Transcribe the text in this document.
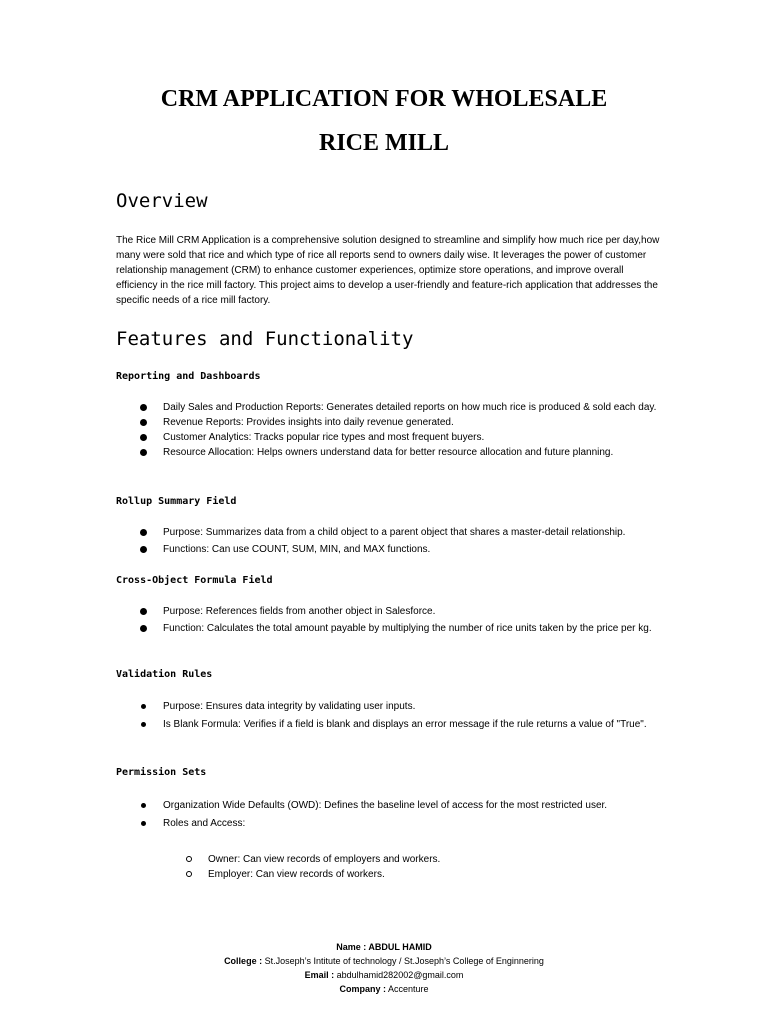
CRM APPLICATION FOR WHOLESALE
RICE MILL
Overview

The Rice Mill CRM Application is a comprehensive solution designed to streamline and simplify how much rice per day,how many were sold that rice and which type of rice all reports send to owners daily wise. It leverages the power of customer relationship management (CRM) to enhance customer experiences, optimize store operations, and improve overall efficiency in the rice mill factory. This project aims to develop a user-friendly and feature-rich application that addresses the specific needs of a rice mill factory.

Features and Functionality
Reporting and Dashboards
Daily Sales and Production Reports: Generates detailed reports on how much rice is produced & sold each day.
Revenue Reports: Provides insights into daily revenue generated.
Customer Analytics: Tracks popular rice types and most frequent buyers.
Resource Allocation: Helps owners understand data for better resource allocation and future planning.
Rollup Summary Field
Purpose: Summarizes data from a child object to a parent object that shares a master-detail relationship.
Functions: Can use COUNT, SUM, MIN, and MAX functions.
Cross-Object Formula Field
Purpose: References fields from another object in Salesforce.
Function: Calculates the total amount payable by multiplying the number of rice units taken by the price per kg.
Validation Rules
Purpose: Ensures data integrity by validating user inputs.
Is Blank Formula: Verifies if a field is blank and displays an error message if the rule returns a value of "True".
Permission Sets
Organization Wide Defaults (OWD): Defines the baseline level of access for the most restricted user.
Roles and Access:
Owner: Can view records of employers and workers.
Employer: Can view records of workers.
Name : ABDUL HAMID
College : St.Joseph’s Intitute of technology / St.Joseph’s College of Enginnering
Email : abdulhamid282002@gmail.com
Company : Accenture
